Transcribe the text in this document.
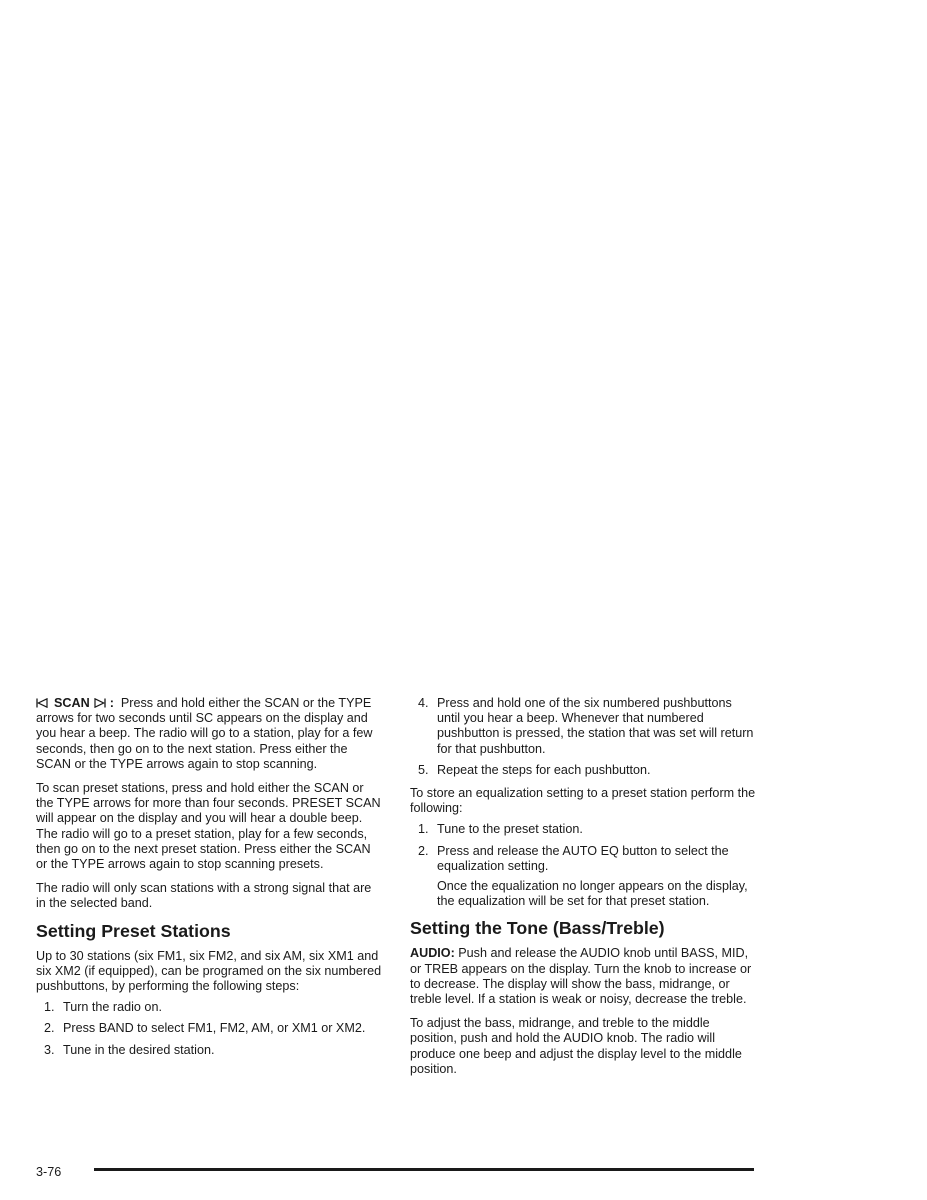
SCAN : Press and hold either the SCAN or the TYPE arrows for two seconds until SC appears on the display and you hear a beep. The radio will go to a station, play for a few seconds, then go on to the next station. Press either the SCAN or the TYPE arrows again to stop scanning.

To scan preset stations, press and hold either the SCAN or the TYPE arrows for more than four seconds. PRESET SCAN will appear on the display and you will hear a double beep. The radio will go to a preset station, play for a few seconds, then go on to the next preset station. Press either the SCAN or the TYPE arrows again to stop scanning presets.

The radio will only scan stations with a strong signal that are in the selected band.

Setting Preset Stations

Up to 30 stations (six FM1, six FM2, and six AM, six XM1 and six XM2 (if equipped), can be programed on the six numbered pushbuttons, by performing the following steps:

1. Turn the radio on.
2. Press BAND to select FM1, FM2, AM, or XM1 or XM2.
3. Tune in the desired station.
4. Press and hold one of the six numbered pushbuttons until you hear a beep. Whenever that numbered pushbutton is pressed, the station that was set will return for that pushbutton.
5. Repeat the steps for each pushbutton.

To store an equalization setting to a preset station perform the following:

1. Tune to the preset station.
2. Press and release the AUTO EQ button to select the equalization setting.

Once the equalization no longer appears on the display, the equalization will be set for that preset station.

Setting the Tone (Bass/Treble)

AUDIO: Push and release the AUDIO knob until BASS, MID, or TREB appears on the display. Turn the knob to increase or to decrease. The display will show the bass, midrange, or treble level. If a station is weak or noisy, decrease the treble.

To adjust the bass, midrange, and treble to the middle position, push and hold the AUDIO knob. The radio will produce one beep and adjust the display level to the middle position.

3-76
